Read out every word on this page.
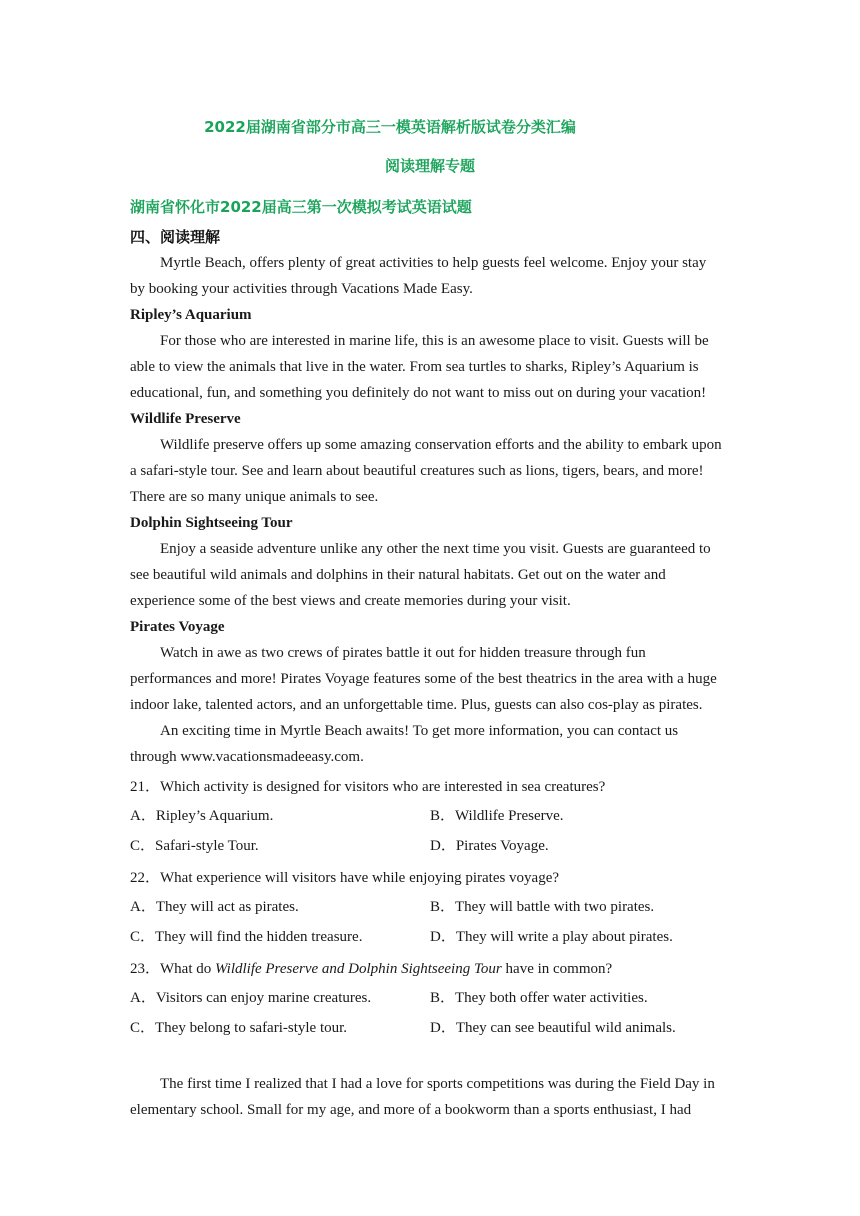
2022届湖南省部分市高三一模英语解析版试卷分类汇编
阅读理解专题
湖南省怀化市2022届高三第一次模拟考试英语试题
四、阅读理解

Myrtle Beach, offers plenty of great activities to help guests feel welcome. Enjoy your stay

by booking your activities through Vacations Made Easy.

Ripley’s Aquarium

For those who are interested in marine life, this is an awesome place to visit. Guests will be

able to view the animals that live in the water. From sea turtles to sharks, Ripley’s Aquarium is

educational, fun, and something you definitely do not want to miss out on during your vacation!

Wildlife Preserve

Wildlife preserve offers up some amazing conservation efforts and the ability to embark upon

a safari-style tour. See and learn about beautiful creatures such as lions, tigers, bears, and more!

There are so many unique animals to see.

Dolphin Sightseeing Tour

Enjoy a seaside adventure unlike any other the next time you visit. Guests are guaranteed to

see beautiful wild animals and dolphins in their natural habitats. Get out on the water and

experience some of the best views and create memories during your visit.

Pirates Voyage

Watch in awe as two crews of pirates battle it out for hidden treasure through fun

performances and more! Pirates Voyage features some of the best theatrics in the area with a huge

indoor lake, talented actors, and an unforgettable time. Plus, guests can also cos-play as pirates.

An exciting time in Myrtle Beach awaits! To get more information, you can contact us

through www.vacationsmadeeasy.com.

21．Which activity is designed for visitors who are interested in sea creatures?
A．Ripley’s Aquarium.	B．Wildlife Preserve.
C．Safari-style Tour.	D．Pirates Voyage.
22．What experience will visitors have while enjoying pirates voyage?
A．They will act as pirates.	B．They will battle with two pirates.
C．They will find the hidden treasure.	D．They will write a play about pirates.
23．What do Wildlife Preserve and Dolphin Sightseeing Tour have in common?
A．Visitors can enjoy marine creatures.	B．They both offer water activities.
C．They belong to safari-style tour.	D．They can see beautiful wild animals.

The first time I realized that I had a love for sports competitions was during the Field Day in

elementary school. Small for my age, and more of a bookworm than a sports enthusiast, I had
